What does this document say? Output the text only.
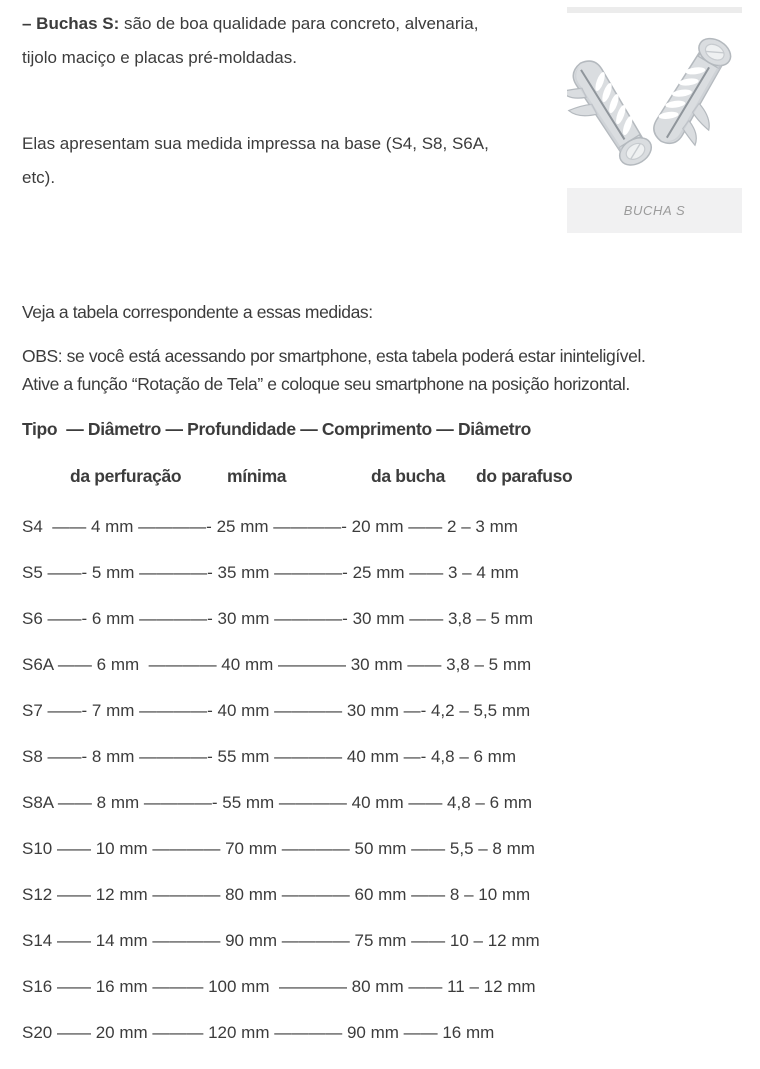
– Buchas S: são de boa qualidade para concreto, alvenaria,
tijolo maciço e placas pré-moldadas.
Elas apresentam sua medida impressa na base (S4, S8, S6A,
etc).
BUCHA S
Veja a tabela correspondente a essas medidas:
OBS: se você está acessando por smartphone, esta tabela poderá estar ininteligível.
Ative a função “Rotação de Tela” e coloque seu smartphone na posição horizontal.
Tipo  — Diâmetro — Profundidade — Comprimento — Diâmetro
da perfuração	mínima	da bucha do parafuso
S4  —— 4 mm ————- 25 mm ————- 20 mm —— 2 – 3 mm
S5 ——- 5 mm ————- 35 mm ————- 25 mm —— 3 – 4 mm
S6 ——- 6 mm ————- 30 mm ————- 30 mm —— 3,8 – 5 mm
S6A —— 6 mm  ———— 40 mm ———— 30 mm —— 3,8 – 5 mm
S7 ——- 7 mm ————- 40 mm ———— 30 mm —- 4,2 – 5,5 mm
S8 ——- 8 mm ————- 55 mm ———— 40 mm —- 4,8 – 6 mm
S8A —— 8 mm ————- 55 mm ———— 40 mm —— 4,8 – 6 mm
S10 —— 10 mm ———— 70 mm ———— 50 mm —— 5,5 – 8 mm
S12 —— 12 mm ———— 80 mm ———— 60 mm —— 8 – 10 mm
S14 —— 14 mm ———— 90 mm ———— 75 mm —— 10 – 12 mm
S16 —— 16 mm ——— 100 mm  ———— 80 mm —— 11 – 12 mm
S20 —— 20 mm ——— 120 mm ———— 90 mm —— 16 mm
